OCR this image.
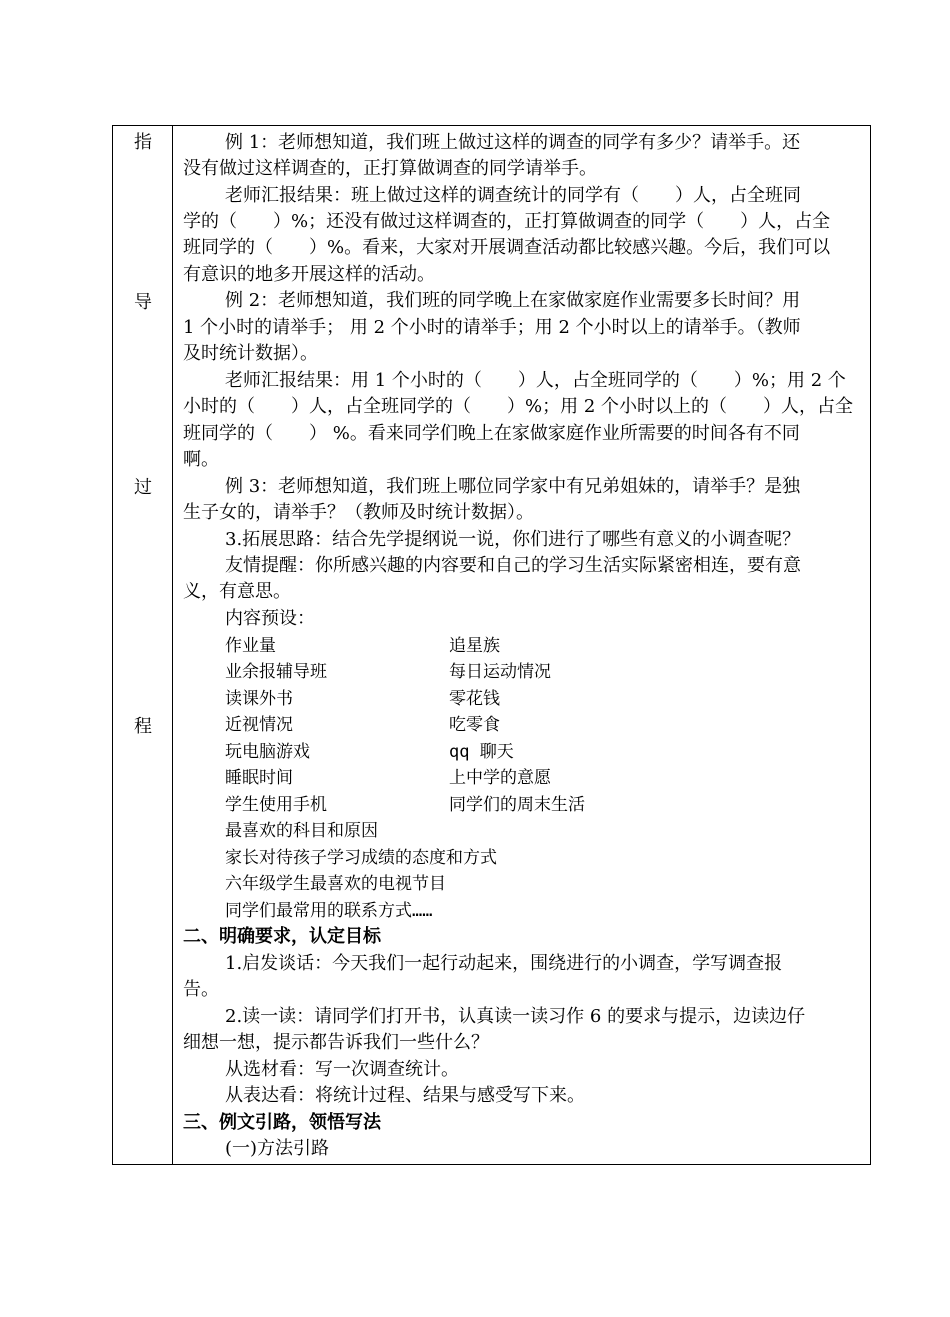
指
导
过
程
例 1：老师想知道，我们班上做过这样的调查的同学有多少？请举手。还
没有做过这样调查的，正打算做调查的同学请举手。
老师汇报结果：班上做过这样的调查统计的同学有（　　）人，占全班同
学的（　　）%；还没有做过这样调查的，正打算做调查的同学（　　）人，占全
班同学的（　　）%。看来，大家对开展调查活动都比较感兴趣。今后，我们可以
有意识的地多开展这样的活动。
例 2：老师想知道，我们班的同学晚上在家做家庭作业需要多长时间？用
1 个小时的请举手； 用 2 个小时的请举手；用 2 个小时以上的请举手。（教师
及时统计数据）。
老师汇报结果：用 1 个小时的（　　）人，占全班同学的（　　）%；用 2 个
小时的（　　）人，占全班同学的（　　）%；用 2 个小时以上的（　　）人，占全
班同学的（　　） %。看来同学们晚上在家做家庭作业所需要的时间各有不同
啊。
例 3：老师想知道，我们班上哪位同学家中有兄弟姐妹的，请举手？是独
生子女的，请举手？（教师及时统计数据）。
3.拓展思路：结合先学提纲说一说，你们进行了哪些有意义的小调查呢？
友情提醒：你所感兴趣的内容要和自己的学习生活实际紧密相连，要有意
义，有意思。
内容预设：
作业量
业余报辅导班
读课外书
近视情况
玩电脑游戏
睡眠时间
学生使用手机
追星族
每日运动情况
零花钱
吃零食
qq 聊天
上中学的意愿
同学们的周末生活
最喜欢的科目和原因
家长对待孩子学习成绩的态度和方式
六年级学生最喜欢的电视节目
同学们最常用的联系方式……
二、明确要求，认定目标
1.启发谈话：今天我们一起行动起来，围绕进行的小调查，学写调查报
告。
2.读一读：请同学们打开书，认真读一读习作 6 的要求与提示，边读边仔
细想一想，提示都告诉我们一些什么？
从选材看：写一次调查统计。
从表达看：将统计过程、结果与感受写下来。
三、例文引路，领悟写法
(一)方法引路
